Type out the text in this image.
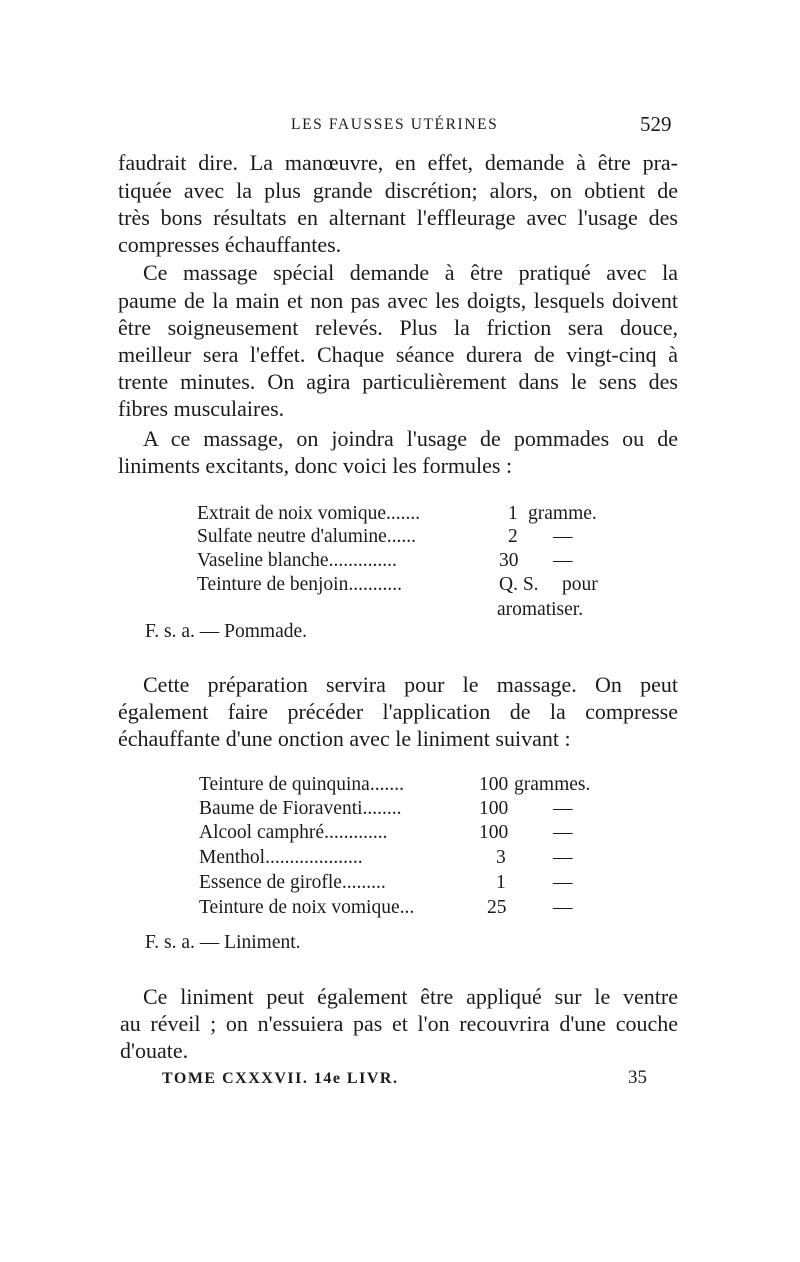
LES FAUSSES UTÉRINES	529
faudrait dire. La manœuvre, en effet, demande à être pra-
tiquée avec la plus grande discrétion; alors, on obtient de
très bons résultats en alternant l'effleurage avec l'usage des
compresses échauffantes.
Ce massage spécial demande à être pratiqué avec la
paume de la main et non pas avec les doigts, lesquels doivent
être soigneusement relevés. Plus la friction sera douce,
meilleur sera l'effet. Chaque séance durera de vingt-cinq à
trente minutes. On agira particulièrement dans le sens des
fibres musculaires.
A ce massage, on joindra l'usage de pommades ou de
liniments excitants, donc voici les formules :
Extrait de noix vomique.......	1 gramme.
Sulfate neutre d'alumine......	2 —
Vaseline blanche..............	30 —
Teinture de benjoin...........	Q. S. pour
aromatiser.
F. s. a. — Pommade.
Cette préparation servira pour le massage. On peut
également faire précéder l'application de la compresse
échauffante d'une onction avec le liniment suivant :
Teinture de quinquina.......	100 grammes.
Baume de Fioraventi........	100 —
Alcool camphré.............	100 —
Menthol....................	3 —
Essence de girofle.........	1 —
Teinture de noix vomique...	25 —
F. s. a. — Liniment.
Ce liniment peut également être appliqué sur le ventre
au réveil ; on n'essuiera pas et l'on recouvrira d'une couche
d'ouate.
TOME CXXXVII. 14e LIVR.	35
